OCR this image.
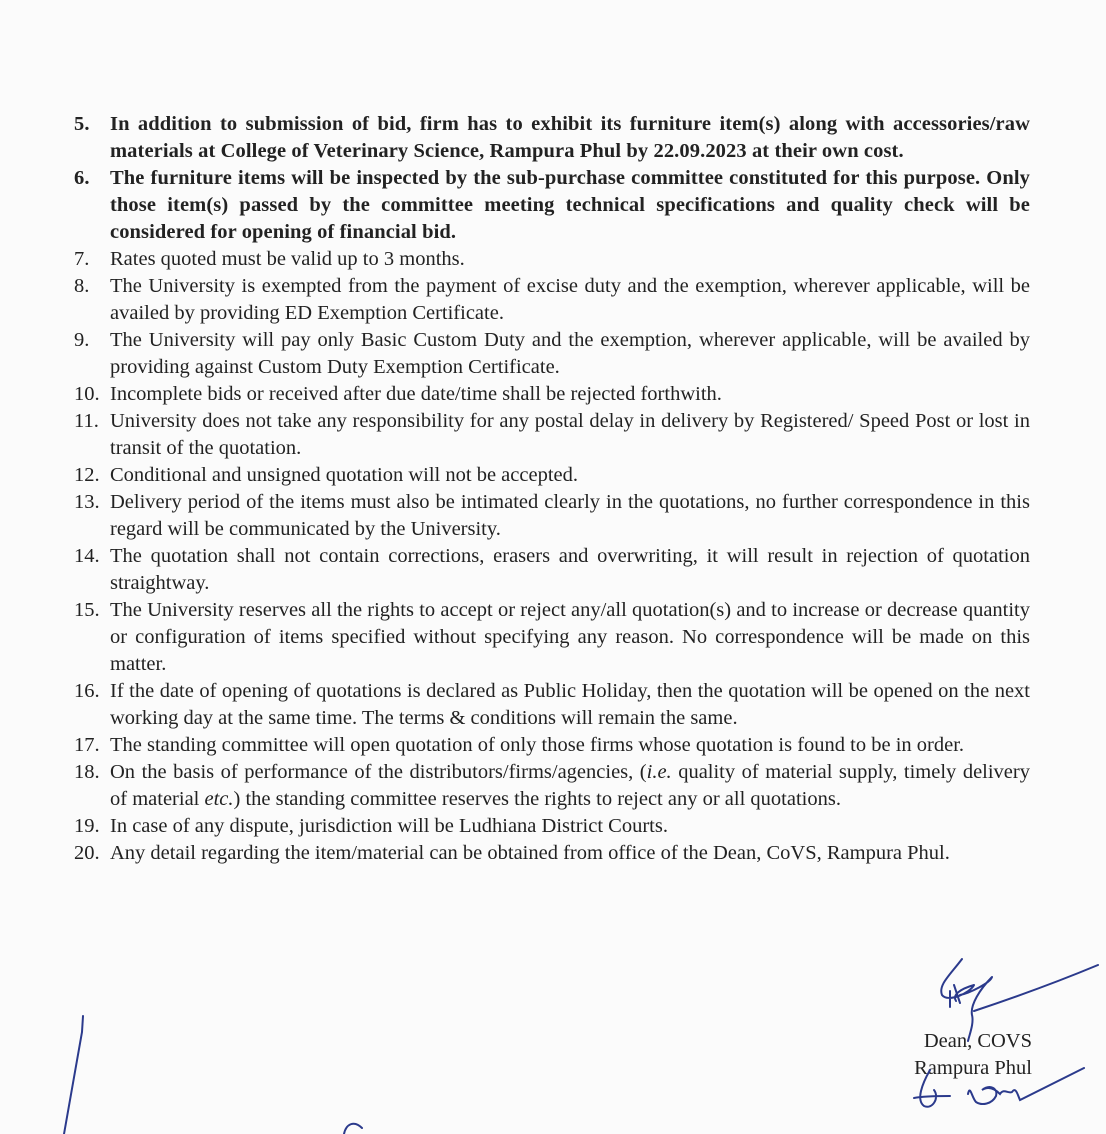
5. In addition to submission of bid, firm has to exhibit its furniture item(s) along with accessories/raw materials at College of Veterinary Science, Rampura Phul by 22.09.2023 at their own cost.
6. The furniture items will be inspected by the sub-purchase committee constituted for this purpose. Only those item(s) passed by the committee meeting technical specifications and quality check will be considered for opening of financial bid.
7. Rates quoted must be valid up to 3 months.
8. The University is exempted from the payment of excise duty and the exemption, wherever applicable, will be availed by providing ED Exemption Certificate.
9. The University will pay only Basic Custom Duty and the exemption, wherever applicable, will be availed by providing against Custom Duty Exemption Certificate.
10. Incomplete bids or received after due date/time shall be rejected forthwith.
11. University does not take any responsibility for any postal delay in delivery by Registered/ Speed Post or lost in transit of the quotation.
12. Conditional and unsigned quotation will not be accepted.
13. Delivery period of the items must also be intimated clearly in the quotations, no further correspondence in this regard will be communicated by the University.
14. The quotation shall not contain corrections, erasers and overwriting, it will result in rejection of quotation straightway.
15. The University reserves all the rights to accept or reject any/all quotation(s) and to increase or decrease quantity or configuration of items specified without specifying any reason. No correspondence will be made on this matter.
16. If the date of opening of quotations is declared as Public Holiday, then the quotation will be opened on the next working day at the same time. The terms & conditions will remain the same.
17. The standing committee will open quotation of only those firms whose quotation is found to be in order.
18. On the basis of performance of the distributors/firms/agencies, (i.e. quality of material supply, timely delivery of material etc.) the standing committee reserves the rights to reject any or all quotations.
19. In case of any dispute, jurisdiction will be Ludhiana District Courts.
20. Any detail regarding the item/material can be obtained from office of the Dean, CoVS, Rampura Phul.
Dean, COVS
Rampura Phul
